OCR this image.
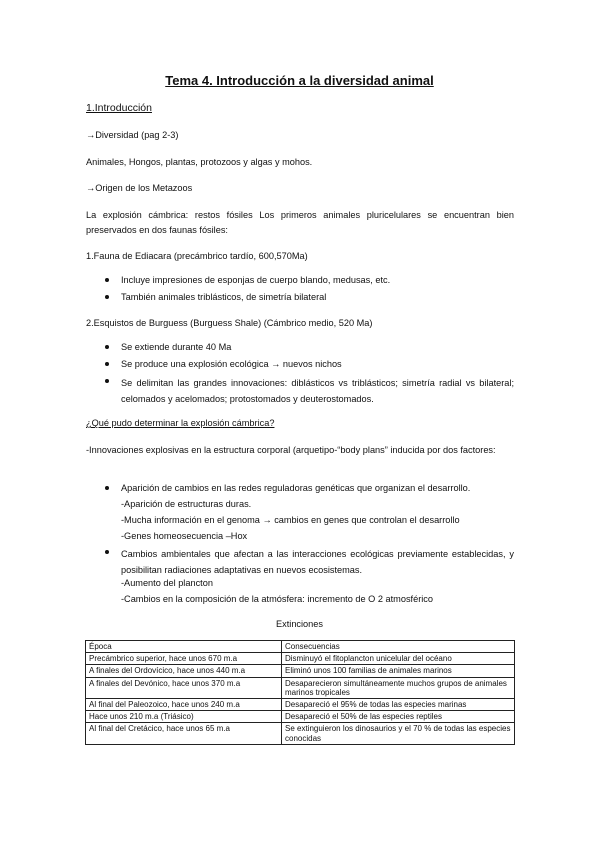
Tema 4. Introducción a la diversidad animal
1.Introducción
→Diversidad (pag 2-3)
Animales, Hongos, plantas, protozoos y algas y mohos.
→Origen de los Metazoos
La explosión cámbrica: restos fósiles Los primeros animales pluricelulares se encuentran bien preservados en dos faunas fósiles:
1.Fauna de Ediacara (precámbrico tardío, 600,570Ma)
Incluye impresiones de esponjas de cuerpo blando, medusas, etc.
También animales triblásticos, de simetría bilateral
2.Esquistos de Burguess (Burguess Shale) (Cámbrico medio, 520 Ma)
Se extiende durante 40 Ma
Se produce una explosión ecológica → nuevos nichos
Se delimitan las grandes innovaciones: diblásticos vs triblásticos; simetría radial vs bilateral; celomados y acelomados; protostomados y deuterostomados.
¿Qué pudo determinar la explosión cámbrica?
-Innovaciones explosivas en la estructura corporal (arquetipo-“body plans” inducida por dos factores:
Aparición de cambios en las redes reguladoras genéticas que organizan el desarrollo.
-Aparición de estructuras duras.
-Mucha información en el genoma → cambios en genes que controlan el desarrollo
-Genes homeosecuencia –Hox
Cambios ambientales que afectan a las interacciones ecológicas previamente establecidas, y posibilitan radiaciones adaptativas en nuevos ecosistemas.
-Aumento del plancton
-Cambios en la composición de la atmósfera: incremento de O 2 atmosférico
Extinciones
Época	Consecuencias
Precámbrico superior, hace unos 670 m.a	Disminuyó el fitoplancton unicelular del océano
A finales del Ordovícico, hace unos 440 m.a	Eliminó unos 100 familias de animales marinos
A finales del Devónico, hace unos 370 m.a	Desaparecieron simultáneamente muchos grupos de animales marinos tropicales
Al final del Paleozoico, hace unos 240 m.a	Desapareció el 95% de todas las especies marinas
Hace unos 210 m.a (Triásico)	Desapareció el 50% de las especies reptiles
Al final del Cretácico, hace unos 65 m.a	Se extinguieron los dinosaurios y el 70 % de todas las especies conocidas
